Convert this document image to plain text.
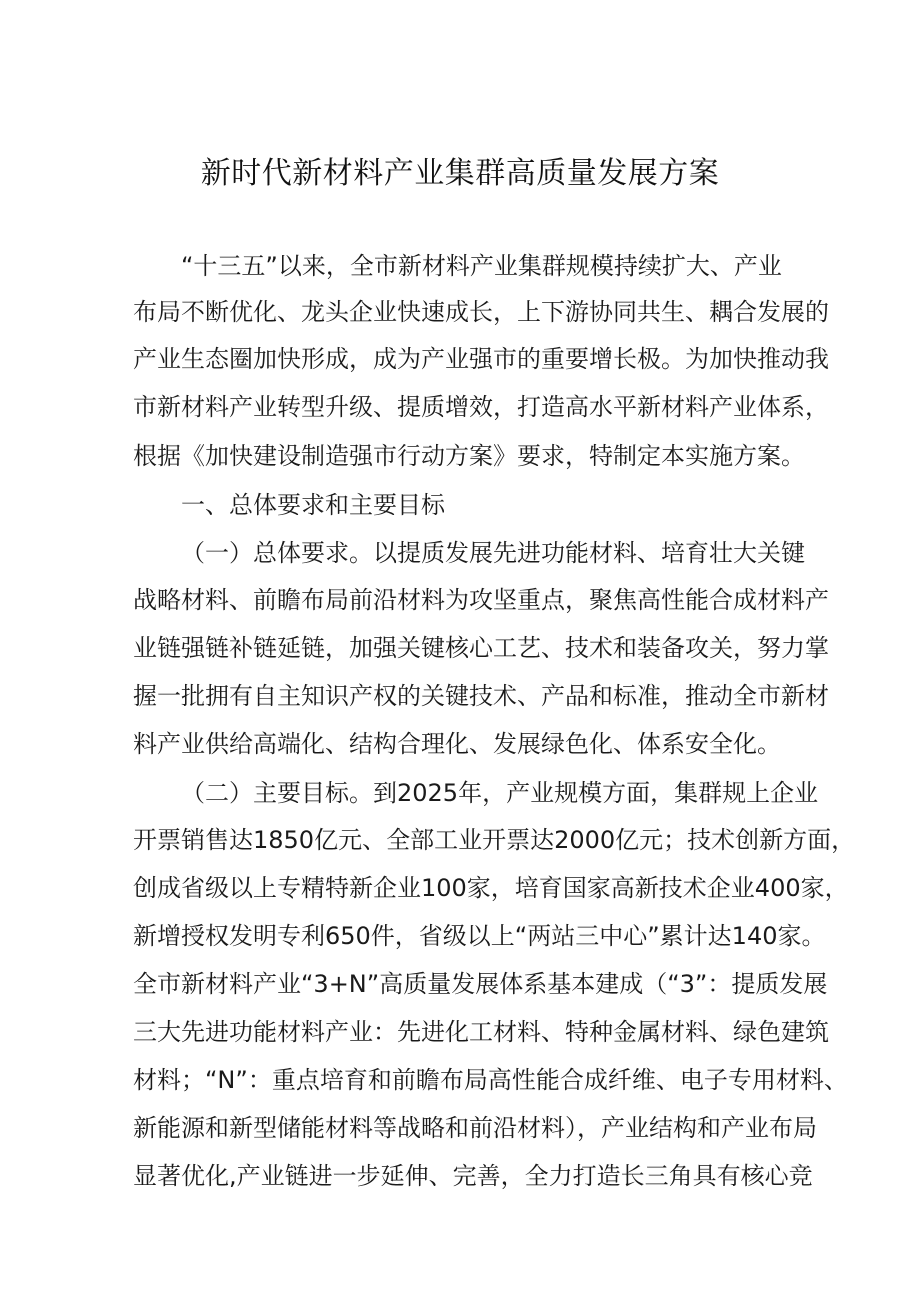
新时代新材料产业集群高质量发展方案
“十三五”以来，全市新材料产业集群规模持续扩大、产业
布局不断优化、龙头企业快速成长，上下游协同共生、耦合发展的
产业生态圈加快形成，成为产业强市的重要增长极。为加快推动我
市新材料产业转型升级、提质增效，打造高水平新材料产业体系，
根据《加快建设制造强市行动方案》要求，特制定本实施方案。
一、总体要求和主要目标
（一）总体要求。以提质发展先进功能材料、培育壮大关键
战略材料、前瞻布局前沿材料为攻坚重点，聚焦高性能合成材料产
业链强链补链延链，加强关键核心工艺、技术和装备攻关，努力掌
握一批拥有自主知识产权的关键技术、产品和标准，推动全市新材
料产业供给高端化、结构合理化、发展绿色化、体系安全化。
（二）主要目标。到2025年，产业规模方面，集群规上企业
开票销售达1850亿元、全部工业开票达2000亿元；技术创新方面，
创成省级以上专精特新企业100家，培育国家高新技术企业400家，
新增授权发明专利650件，省级以上“两站三中心”累计达140家。
全市新材料产业“3+N”高质量发展体系基本建成（“3”：提质发展
三大先进功能材料产业：先进化工材料、特种金属材料、绿色建筑
材料；“N”：重点培育和前瞻布局高性能合成纤维、电子专用材料、
新能源和新型储能材料等战略和前沿材料），产业结构和产业布局
显著优化,产业链进一步延伸、完善，全力打造长三角具有核心竞
